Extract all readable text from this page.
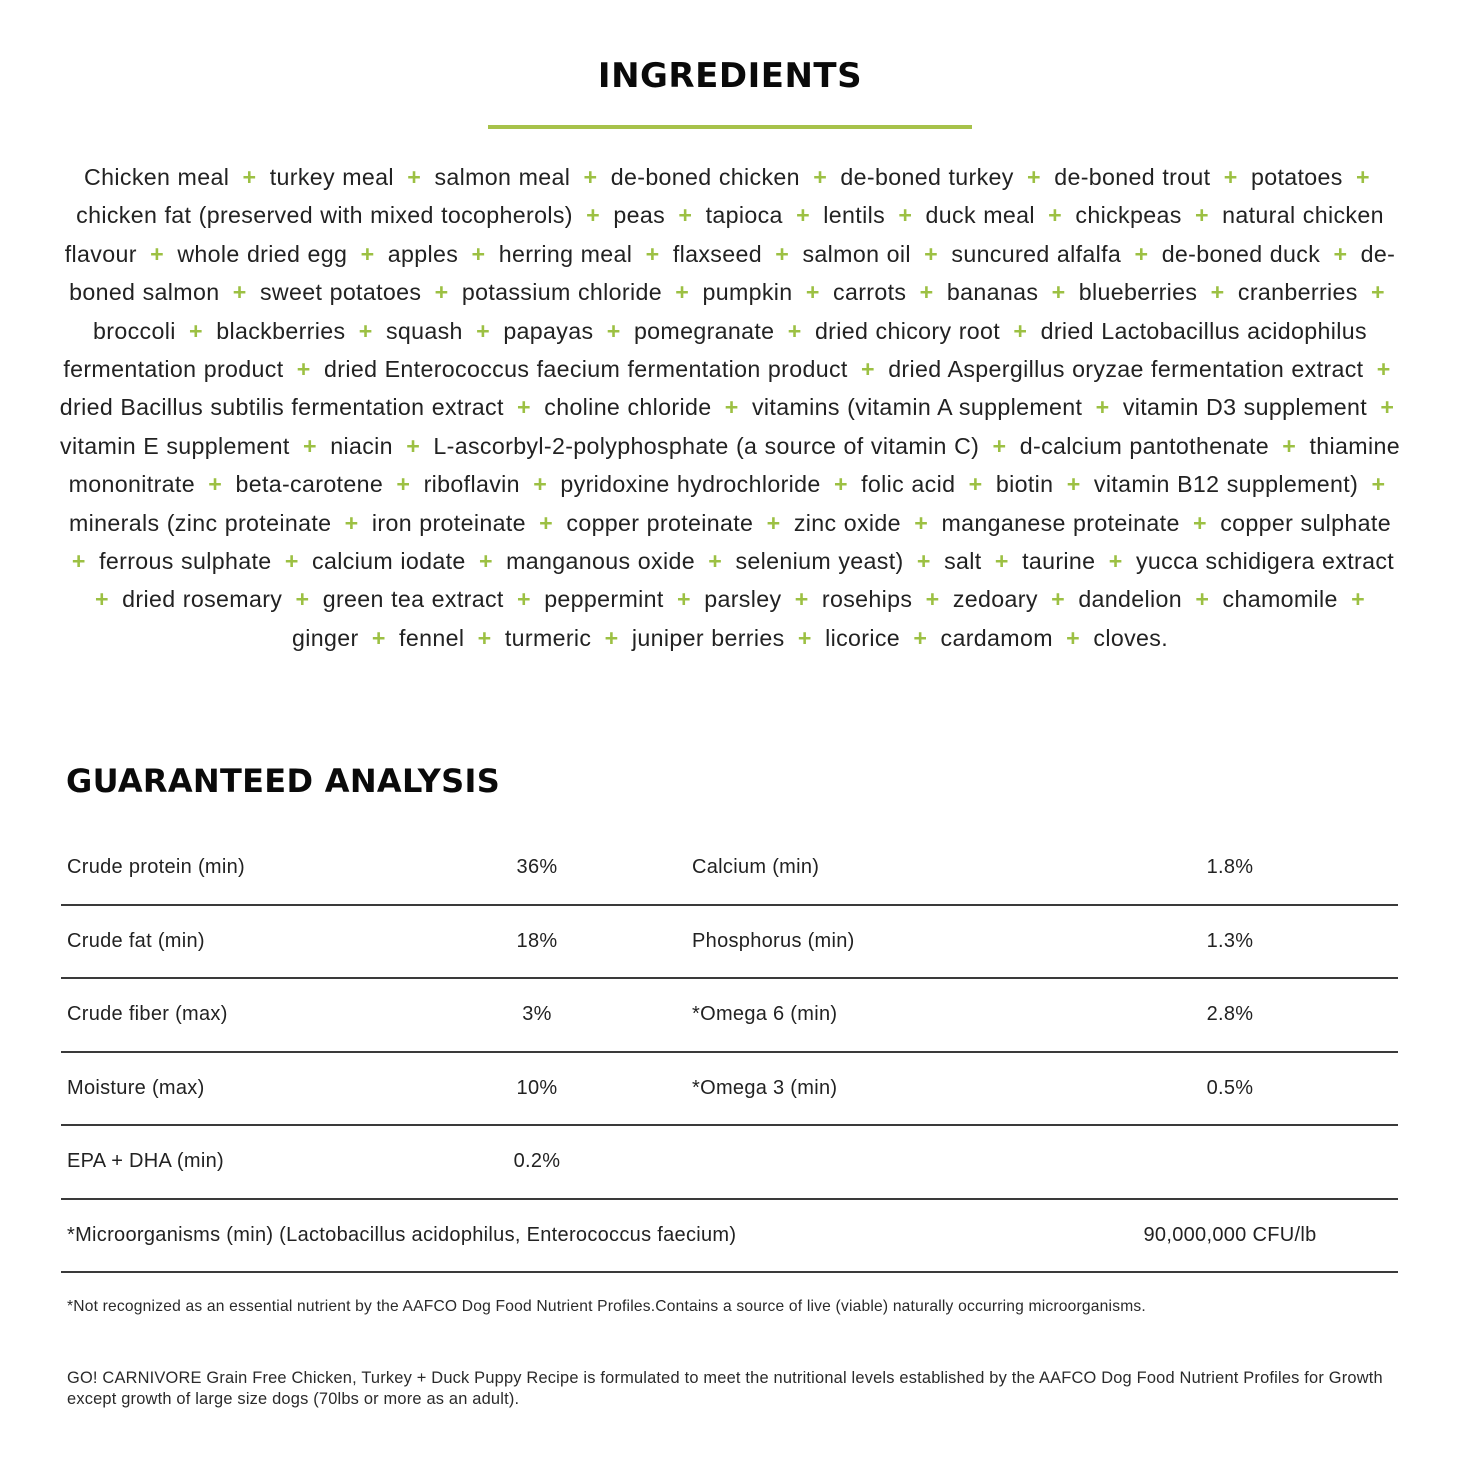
INGREDIENTS

Chicken meal + turkey meal + salmon meal + de-boned chicken + de-boned turkey + de-boned trout + potatoes + chicken fat (preserved with mixed tocopherols) + peas + tapioca + lentils + duck meal + chickpeas + natural chicken flavour + whole dried egg + apples + herring meal + flaxseed + salmon oil + suncured alfalfa + de-boned duck + de-boned salmon + sweet potatoes + potassium chloride + pumpkin + carrots + bananas + blueberries + cranberries + broccoli + blackberries + squash + papayas + pomegranate + dried chicory root + dried Lactobacillus acidophilus fermentation product + dried Enterococcus faecium fermentation product + dried Aspergillus oryzae fermentation extract + dried Bacillus subtilis fermentation extract + choline chloride + vitamins (vitamin A supplement + vitamin D3 supplement + vitamin E supplement + niacin + L-ascorbyl-2-polyphosphate (a source of vitamin C) + d-calcium pantothenate + thiamine mononitrate + beta-carotene + riboflavin + pyridoxine hydrochloride + folic acid + biotin + vitamin B12 supplement) + minerals (zinc proteinate + iron proteinate + copper proteinate + zinc oxide + manganese proteinate + copper sulphate + ferrous sulphate + calcium iodate + manganous oxide + selenium yeast) + salt + taurine + yucca schidigera extract + dried rosemary + green tea extract + peppermint + parsley + rosehips + zedoary + dandelion + chamomile + ginger + fennel + turmeric + juniper berries + licorice + cardamom + cloves.

GUARANTEED ANALYSIS
Crude protein (min)	36%	Calcium (min)	1.8%
Crude fat (min)	18%	Phosphorus (min)	1.3%
Crude fiber (max)	3%	*Omega 6 (min)	2.8%
Moisture (max)	10%	*Omega 3 (min)	0.5%
EPA + DHA (min)	0.2%
*Microorganisms (min) (Lactobacillus acidophilus, Enterococcus faecium)	90,000,000 CFU/lb

*Not recognized as an essential nutrient by the AAFCO Dog Food Nutrient Profiles.Contains a source of live (viable) naturally occurring microorganisms.

GO! CARNIVORE Grain Free Chicken, Turkey + Duck Puppy Recipe is formulated to meet the nutritional levels established by the AAFCO Dog Food Nutrient Profiles for Growth except growth of large size dogs (70lbs or more as an adult).
